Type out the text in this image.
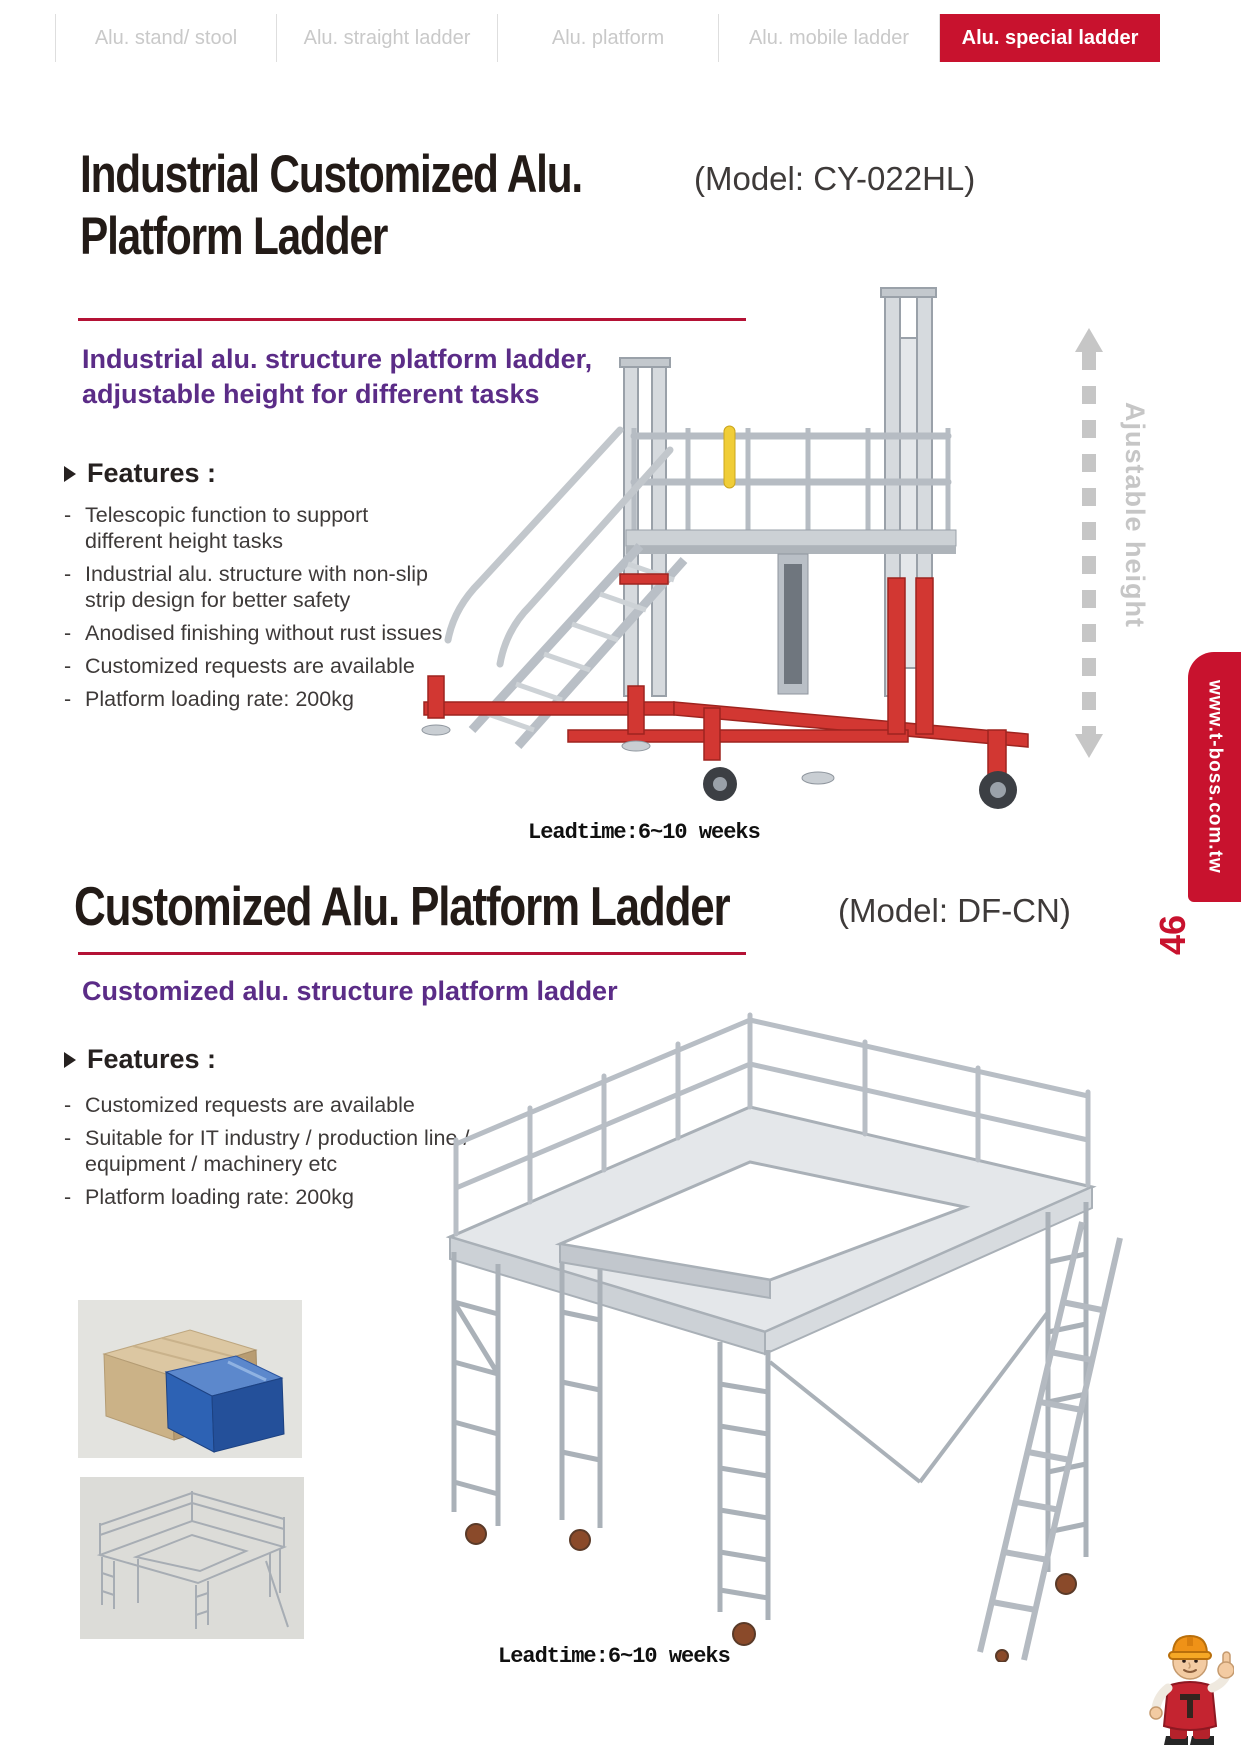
Alu. stand/ stool	Alu. straight ladder	Alu. platform	Alu. mobile ladder	Alu. special ladder
Industrial Customized Alu.
Platform Ladder
(Model: CY-022HL)
Industrial alu. structure platform ladder,
adjustable height for different tasks
Features :
- Telescopic function to support
different height tasks
- Industrial alu. structure with non-slip
strip design for better safety
- Anodised finishing without rust issues
- Customized requests are available
- Platform loading rate: 200kg
Leadtime:6~10 weeks
Ajustable height
www.t-boss.com.tw
46
Customized Alu. Platform Ladder	(Model: DF-CN)
Customized alu. structure platform ladder
Features :
- Customized requests are available
- Suitable for IT industry / production line /
equipment / machinery etc
- Platform loading rate: 200kg
Leadtime:6~10 weeks
